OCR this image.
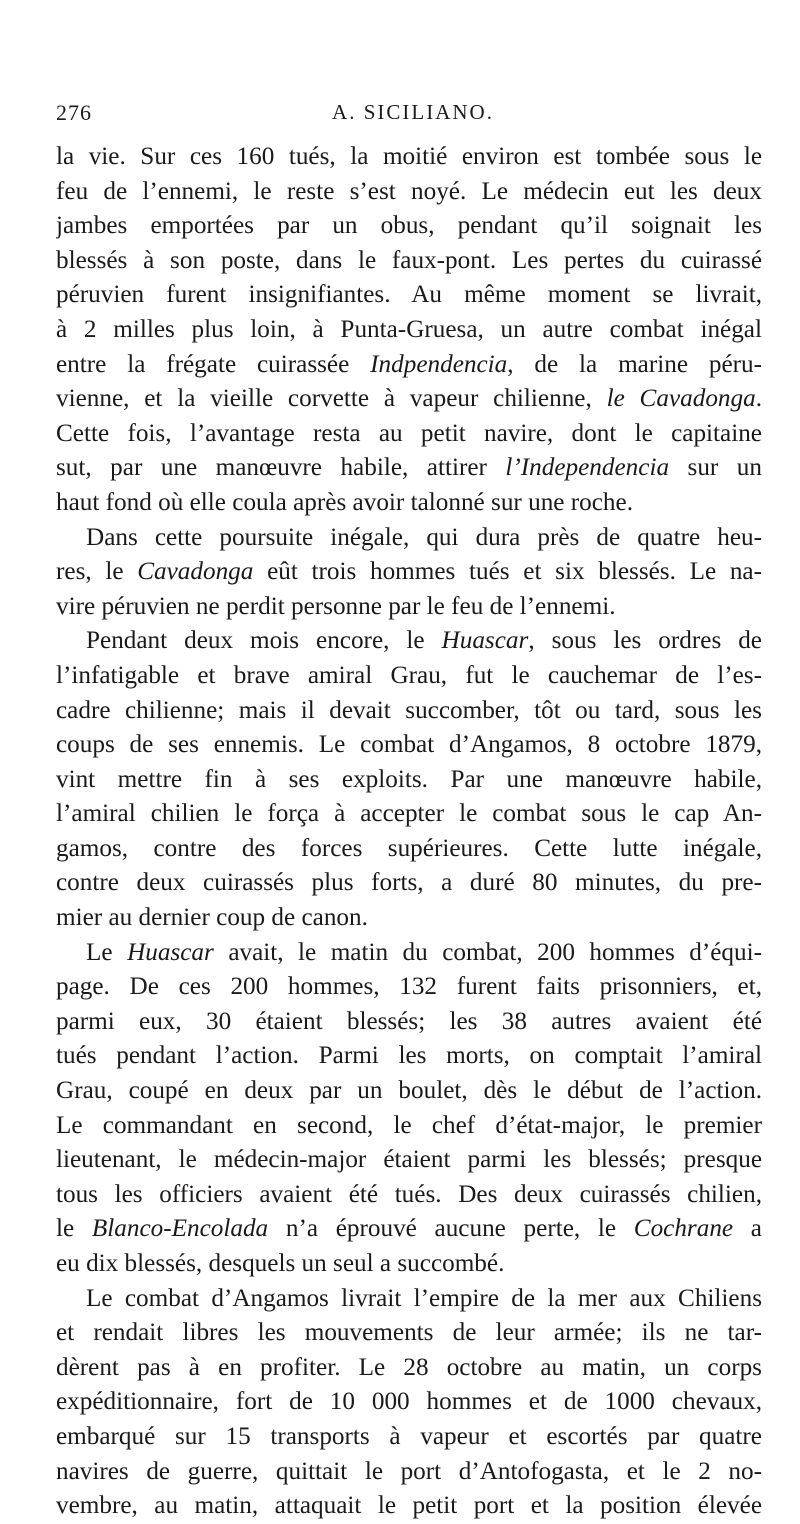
276	A. SICILIANO.
la vie. Sur ces 160 tués, la moitié environ est tombée sous le
feu de l’ennemi, le reste s’est noyé. Le médecin eut les deux
jambes emportées par un obus, pendant qu’il soignait les
blessés à son poste, dans le faux-pont. Les pertes du cuirassé
péruvien furent insignifiantes. Au même moment se livrait,
à 2 milles plus loin, à Punta-Gruesa, un autre combat inégal
entre la frégate cuirassée Indpendencia, de la marine péru-
vienne, et la vieille corvette à vapeur chilienne, le Cavadonga.
Cette fois, l’avantage resta au petit navire, dont le capitaine
sut, par une manœuvre habile, attirer l’Independencia sur un
haut fond où elle coula après avoir talonné sur une roche.
Dans cette poursuite inégale, qui dura près de quatre heu-
res, le Cavadonga eût trois hommes tués et six blessés. Le na-
vire péruvien ne perdit personne par le feu de l’ennemi.
Pendant deux mois encore, le Huascar, sous les ordres de
l’infatigable et brave amiral Grau, fut le cauchemar de l’es-
cadre chilienne; mais il devait succomber, tôt ou tard, sous les
coups de ses ennemis. Le combat d’Angamos, 8 octobre 1879,
vint mettre fin à ses exploits. Par une manœuvre habile,
l’amiral chilien le força à accepter le combat sous le cap An-
gamos, contre des forces supérieures. Cette lutte inégale,
contre deux cuirassés plus forts, a duré 80 minutes, du pre-
mier au dernier coup de canon.
Le Huascar avait, le matin du combat, 200 hommes d’équi-
page. De ces 200 hommes, 132 furent faits prisonniers, et,
parmi eux, 30 étaient blessés; les 38 autres avaient été
tués pendant l’action. Parmi les morts, on comptait l’amiral
Grau, coupé en deux par un boulet, dès le début de l’action.
Le commandant en second, le chef d’état-major, le premier
lieutenant, le médecin-major étaient parmi les blessés; presque
tous les officiers avaient été tués. Des deux cuirassés chilien,
le Blanco-Encolada n’a éprouvé aucune perte, le Cochrane a
eu dix blessés, desquels un seul a succombé.
Le combat d’Angamos livrait l’empire de la mer aux Chiliens
et rendait libres les mouvements de leur armée; ils ne tar-
dèrent pas à en profiter. Le 28 octobre au matin, un corps
expéditionnaire, fort de 10 000 hommes et de 1000 chevaux,
embarqué sur 15 transports à vapeur et escortés par quatre
navires de guerre, quittait le port d’Antofogasta, et le 2 no-
vembre, au matin, attaquait le petit port et la position élevée
